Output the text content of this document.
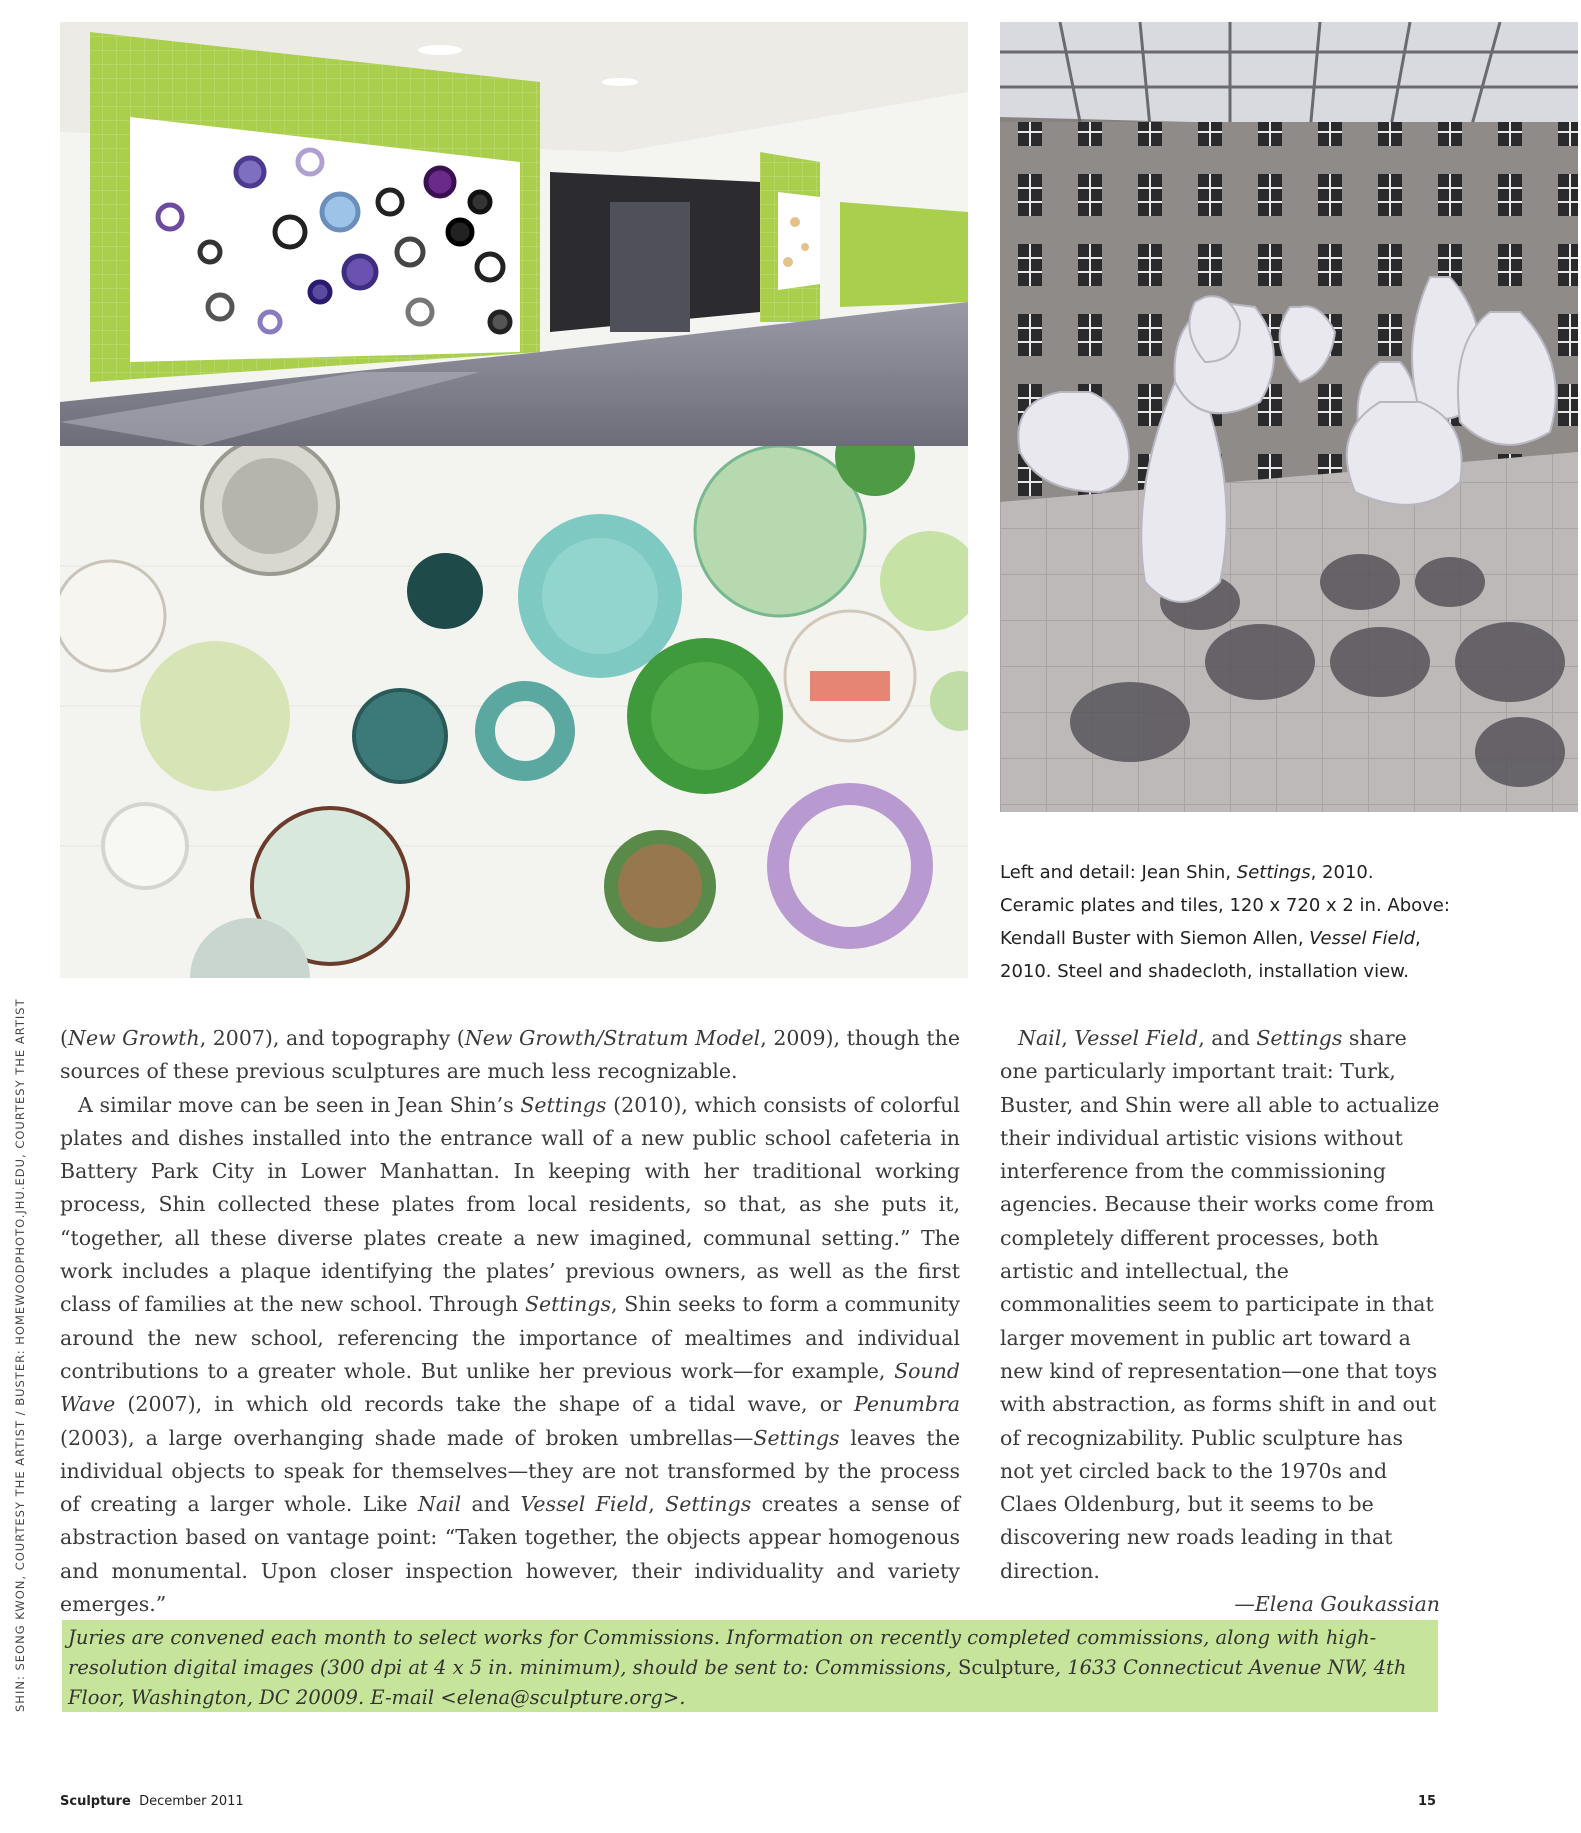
Left and detail: Jean Shin, Settings, 2010. Ceramic plates and tiles, 120 x 720 x 2 in. Above: Kendall Buster with Siemon Allen, Vessel Field, 2010. Steel and shadecloth, installation view.

(New Growth, 2007), and topography (New Growth/Stratum Model, 2009), though the sources of these previous sculptures are much less recognizable.

A similar move can be seen in Jean Shin’s Settings (2010), which consists of colorful plates and dishes installed into the entrance wall of a new public school cafeteria in Battery Park City in Lower Manhattan. In keeping with her traditional working process, Shin collected these plates from local residents, so that, as she puts it, “together, all these diverse plates create a new imagined, communal setting.” The work includes a plaque identifying the plates’ previous owners, as well as the first class of families at the new school. Through Settings, Shin seeks to form a community around the new school, referencing the importance of mealtimes and individual contributions to a greater whole. But unlike her previous work—for example, Sound Wave (2007), in which old records take the shape of a tidal wave, or Penumbra (2003), a large overhanging shade made of broken umbrellas—Settings leaves the individual objects to speak for themselves—they are not transformed by the process of creating a larger whole. Like Nail and Vessel Field, Settings creates a sense of abstraction based on vantage point: “Taken together, the objects appear homogenous and monumental. Upon closer inspection however, their individuality and variety emerges.”

Nail, Vessel Field, and Settings share one particularly important trait: Turk, Buster, and Shin were all able to actualize their individual artistic visions without interference from the commissioning agencies. Because their works come from completely different processes, both artistic and intellectual, the commonalities seem to participate in that larger movement in public art toward a new kind of representation—one that toys with abstraction, as forms shift in and out of recognizability. Public sculpture has not yet circled back to the 1970s and Claes Oldenburg, but it seems to be discovering new roads leading in that direction.

—Elena Goukassian

Juries are convened each month to select works for Commissions. Information on recently completed commissions, along with high-resolution digital images (300 dpi at 4 x 5 in. minimum), should be sent to: Commissions, Sculpture, 1633 Connecticut Avenue NW, 4th Floor, Washington, DC 20009. E-mail <elena@sculpture.org>.
SHIN: SEONG KWON, COURTESY THE ARTIST / BUSTER: HOMEWOODPHOTO.JHU.EDU, COURTESY THE ARTIST
Sculpture December 2011	15
